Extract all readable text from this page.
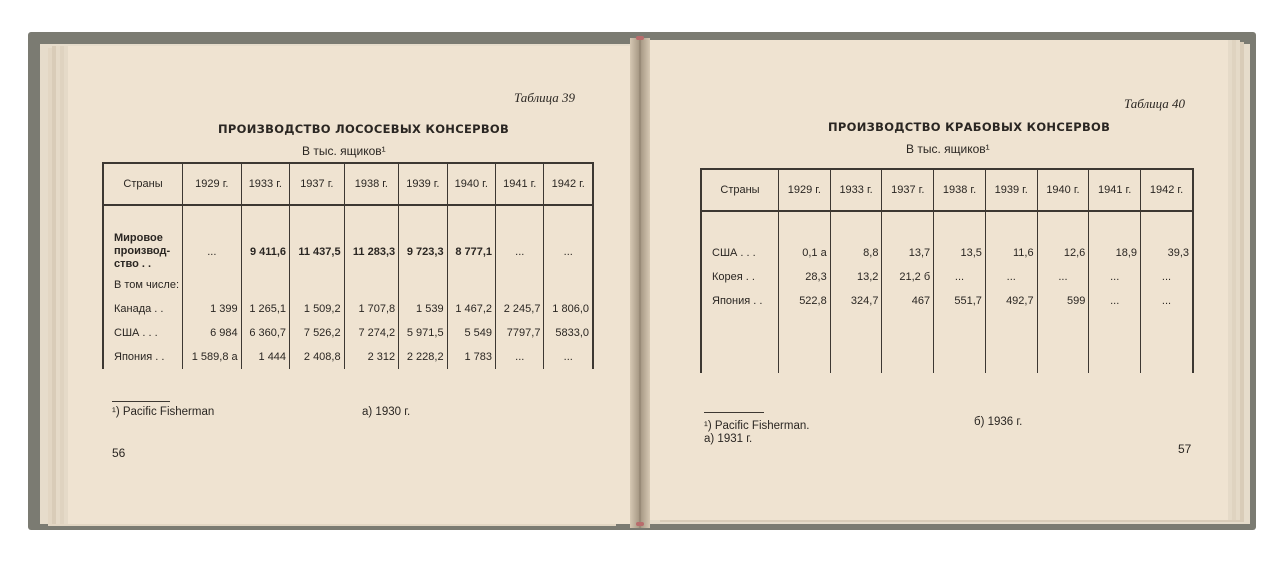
Таблица 39
ПРОИЗВОДСТВО ЛОСОСЕВЫХ КОНСЕРВОВ
В тыс. ящиков¹
Страны	1929 г.	1933 г.	1937 г.	1938 г.	1939 г.	1940 г.	1941 г.	1942 г.

Мировое
производ-
ство . .	...	9 411,6	11 437,5	11 283,3	9 723,3	8 777,1	...	...
В том числе:								
Канада . .	1 399	1 265,1	1 509,2	1 707,8	1 539	1 467,2	2 245,7	1 806,0
США . . .	6 984	6 360,7	7 526,2	7 274,2	5 971,5	5 549	7797,7	5833,0
Япония . .	1 589,8 а	1 444	2 408,8	2 312	2 228,2	1 783	...	...
¹) Pacific Fisherman	а) 1930 г.
56
Таблица 40
ПРОИЗВОДСТВО КРАБОВЫХ КОНСЕРВОВ
В тыс. ящиков¹
Страны	1929 г.	1933 г.	1937 г.	1938 г.	1939 г.	1940 г.	1941 г.	1942 г.

США . . .	0,1 а	8,8	13,7	13,5	11,6	12,6	18,9	39,3
Корея . .	28,3	13,2	21,2 б	...	...	...	...	...
Япония . .	522,8	324,7	467	551,7	492,7	599	...	...

¹) Pacific Fisherman.
а) 1931 г.
б) 1936 г.
57
